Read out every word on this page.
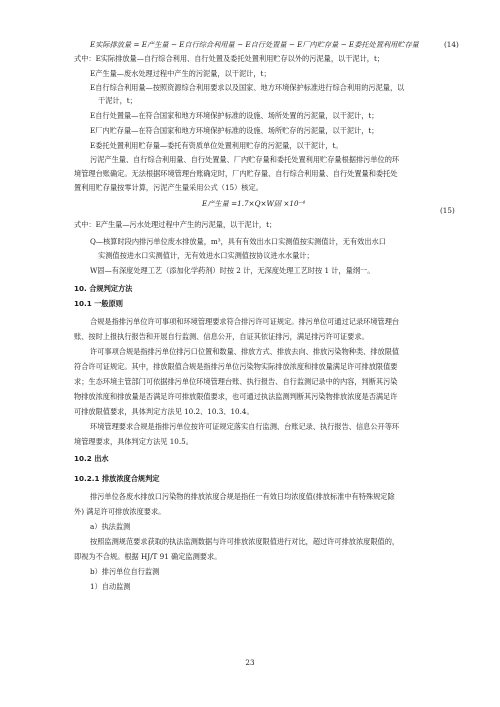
E实际排放量 = E产生量 − E自行综合利用量 − E自行处置量 − E厂内贮存量 − E委托处置利用贮存量	(14)
式中：E实际排放量—自行综合利用、自行处置及委托处置利用贮存以外的污泥量，以干泥计，t；
E产生量—废水处理过程中产生的污泥量，以干泥计，t；
E自行综合利用量—按照资源综合利用要求以及国家、地方环境保护标准进行综合利用的污泥量，以
干泥计，t；
E自行处置量—在符合国家和地方环境保护标准的设施、场所处置的污泥量，以干泥计，t；
E厂内贮存量—在符合国家和地方环境保护标准的设施、场所贮存的污泥量，以干泥计，t；
E委托处置利用贮存量—委托有资质单位处置利用贮存的污泥量，以干泥计，t。
污泥产生量、自行综合利用量、自行处置量、厂内贮存量和委托处置利用贮存量根据排污单位的环
境管理台账确定。无法根据环境管理台账确定时，厂内贮存量、自行综合利用量、自行处置量和委托处
置利用贮存量按零计算，污泥产生量采用公式（15）核定。
E产生量 =1.7×Q×W固 ×10⁻⁴
(15)
式中：E产生量—污水处理过程中产生的污泥量，以干泥计，t；
Q—核算时段内排污单位废水排放量，m³，具有有效出水口实测值按实测值计，无有效出水口
实测值按进水口实测值计，无有效进水口实测值按协议进水水量计；
W固—有深度处理工艺（添加化学药剂）时按 2 计，无深度处理工艺时按 1 计，量纲一。
10. 合规判定方法
10.1 一般原则
合规是指排污单位许可事项和环境管理要求符合排污许可证规定。排污单位可通过记录环境管理台
账、按时上报执行报告和开展自行监测、信息公开，自证其依证排污，满足排污许可证要求。
许可事项合规是指排污单位排污口位置和数量、排放方式、排放去向、排放污染物种类、排放限值
符合许可证规定。其中，排放限值合规是指排污单位污染物实际排放浓度和排放量满足许可排放限值要
求；生态环境主管部门可依据排污单位环境管理台账、执行报告、自行监测记录中的内容，判断其污染
物排放浓度和排放量是否满足许可排放限值要求，也可通过执法监测判断其污染物排放浓度是否满足许
可排放限值要求，具体判定方法见 10.2、10.3、10.4。
环境管理要求合规是指排污单位按许可证规定落实自行监测、台账记录、执行报告、信息公开等环
境管理要求，具体判定方法见 10.5。
10.2 出水
10.2.1 排放浓度合规判定
排污单位各废水排放口污染物的排放浓度合规是指任一有效日均浓度值(排放标准中有特殊规定除
外) 满足许可排放浓度要求。
a）执法监测
按照监测规范要求获取的执法监测数据与许可排放浓度限值进行对比，超过许可排放浓度限值的，
即视为不合规。根据 HJ/T 91 确定监测要求。
b）排污单位自行监测
1）自动监测
23
